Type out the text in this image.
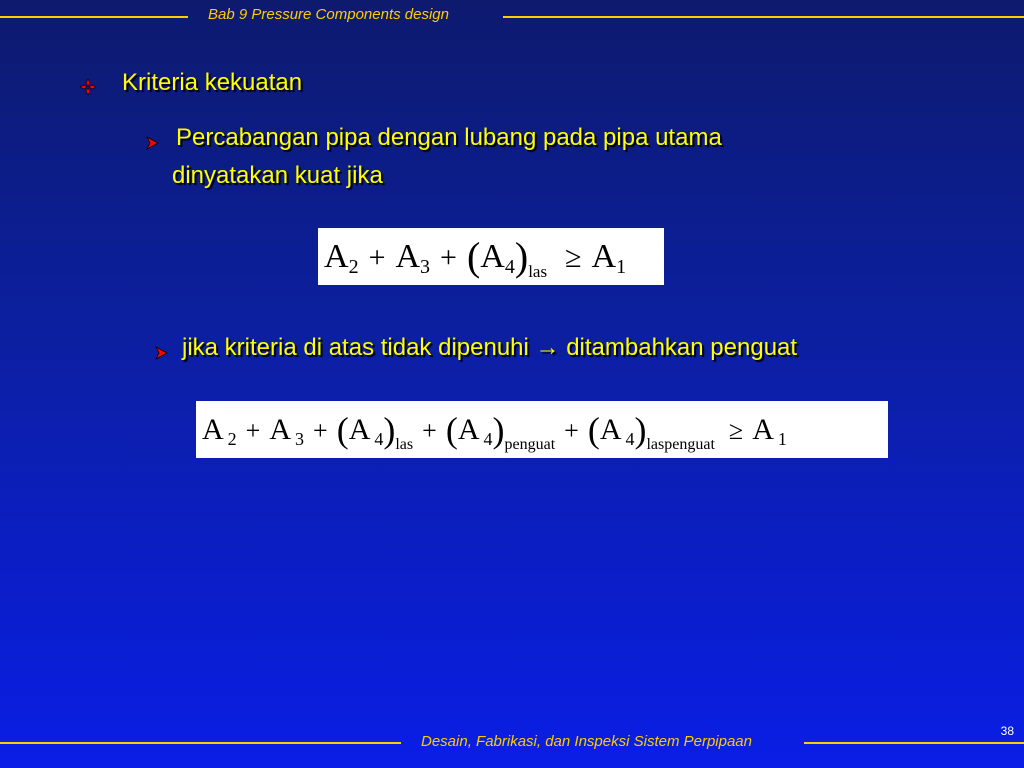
Bab 9 Pressure Components design
Kriteria kekuatan
Percabangan pipa dengan lubang pada pipa utama
dinyatakan kuat jika
$A_2 + A_3 + (A_4)las \ge A_1$
jika kriteria di atas tidak dipenuhi → ditambahkan penguat
A $_2$ + A $_3$ + (A $_4$)las + (A $_4$)penguat + (A $_4$)laspenguat ≥ A $_1$
38
Desain, Fabrikasi, dan Inspeksi Sistem Perpipaan
